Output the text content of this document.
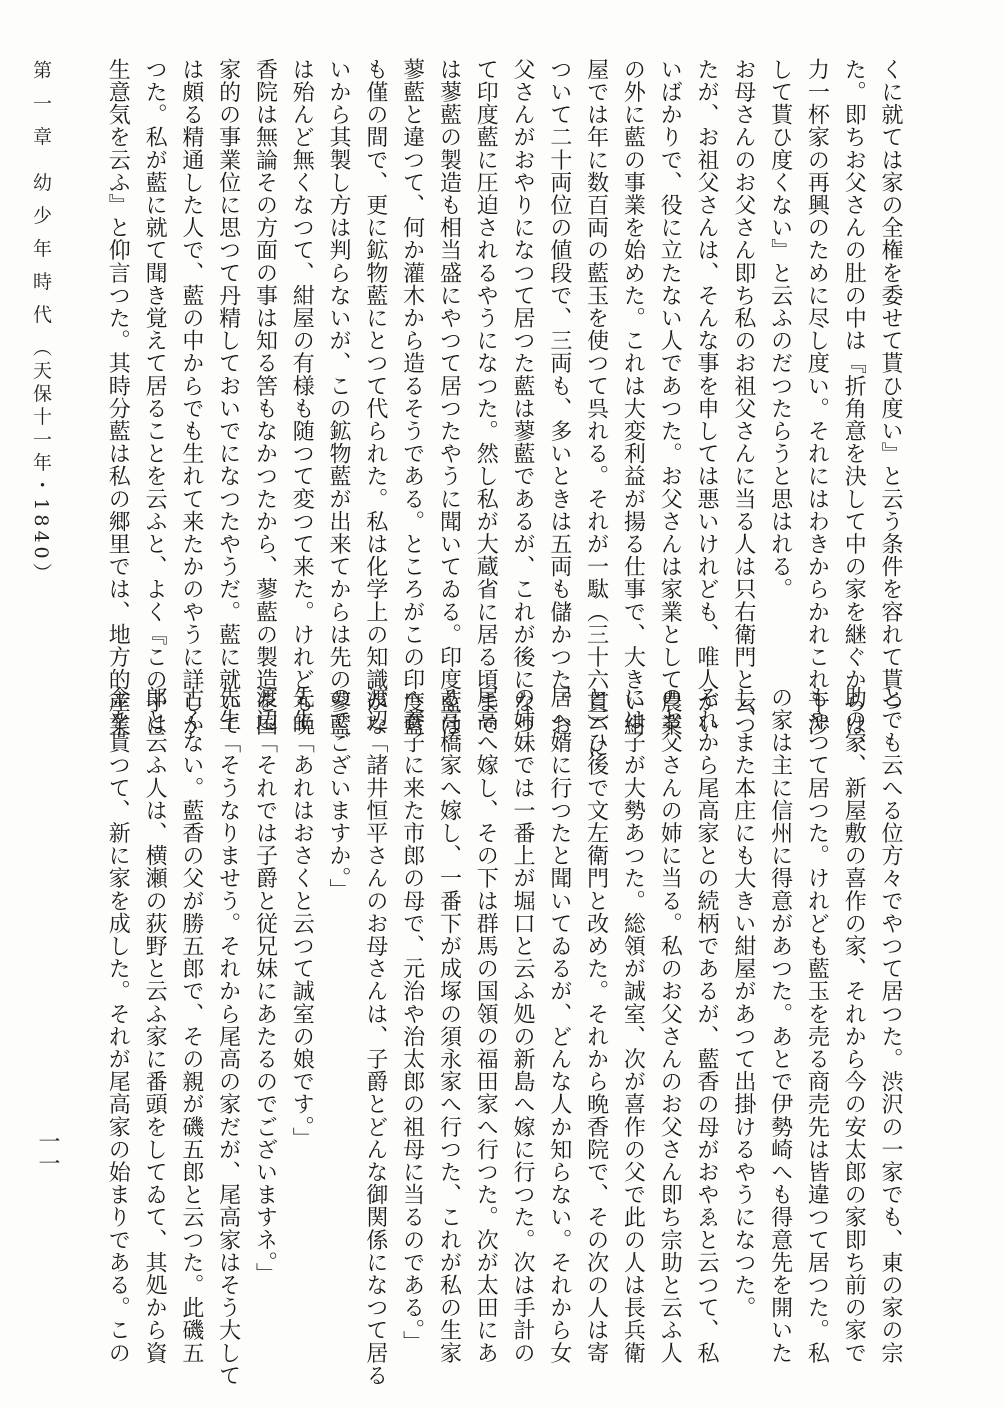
くに就ては家の全権を委せて貰ひ度い』と云う条件を容れて貰つ
た。即ちお父さんの肚の中は『折角意を決して中の家を継ぐからは、
力一杯家の再興のために尽し度い。それにはわきからかれこれ干渉
して貰ひ度くない』と云ふのだつたらうと思はれる。
お母さんのお父さん即ち私のお祖父さんに当る人は只右衛門と云つ
たが、お祖父さんは、そんな事を申しては悪いけれども、唯人がい
いばかりで、役に立たない人であつた。お父さんは家業として農業
の外に藍の事業を始めた。これは大変利益が揚る仕事で、大きい紺
屋では年に数百両の藍玉を使つて呉れる。それが一駄（三十六貫）に
ついて二十両位の値段で、三両も、多いときは五両も儲かつた。お
父さんがおやりになつて居つた藍は蓼藍であるが、これが後になつ
て印度藍に圧迫されるやうになつた。然し私が大蔵省に居る頃まで
は蓼藍の製造も相当盛にやつて居つたやうに聞いてゐる。印度藍は
蓼藍と違つて、何か灌木から造るそうである。ところがこの印度藍
も僅の間で、更に鉱物藍にとつて代られた。私は化学上の知識がな
いから其製し方は判らないが、この鉱物藍が出来てからは先の蓼藍
は殆んど無くなつて、紺屋の有様も随つて変つて来た。けれども晩
香院は無論その方面の事は知る筈もなかつたから、蓼藍の製造を国
家的の事業位に思つて丹精しておいでになつたやうだ。藍に就いて
は頗る精通した人で、藍の中からでも生れて来たかのやうに詳しか
つた。私が藍に就て聞き覚えて居ることを云ふと、よく『この子は
生意気を云ふ』と仰言つた。其時分藍は私の郷里では、地方的産業
とでも云へる位方々でやつて居つた。渋沢の一家でも、東の家の宗
助の家、新屋敷の喜作の家、それから今の安太郎の家即ち前の家で
もやつて居つた。けれども藍玉を売る商売先は皆違つて居つた。私
の家は主に信州に得意があつた。あとで伊勢崎へも得意先を開いた
し、また本庄にも大きい紺屋があつて出掛けるやうになつた。
それから尾高家との続柄であるが、藍香の母がおやゑと云つて、私
のお父さんの姉に当る。私のお父さんのお父さん即ち宗助と云ふ人
には子が大勢あつた。総領が誠室、次が喜作の父で此の人は長兵衛
と云ひ後で文左衛門と改めた。それから晩香院で、その次の人は寄
居へ婿に行つたと聞いてゐるが、どんな人か知らない。それから女
の姉妹では一番上が堀口と云ふ処の新島へ嫁に行つた。次は手計の
尾高へ嫁し、その下は群馬の国領の福田家へ行つた。次が太田にあ
る高橋家へ嫁し、一番下が成塚の須永家へ行つた、これが私の生家
へ養子に来た市郎の母で、元治や治太郎の祖母に当るのである。」
渡辺「諸井恒平さんのお母さんは、子爵とどんな御関係になつて居る
のでございますか。」
先生「あれはおさくと云つて誠室の娘です。」
渡辺「それでは子爵と従兄妹にあたるのでございますネ。」
先生「そうなりませう。それから尾高の家だが、尾高家はそう大して
古くない。藍香の父が勝五郎で、その親が磯五郎と云つた。此磯五
郎と云ふ人は、横瀬の荻野と云ふ家に番頭をしてゐて、其処から資
金を貰つて、新に家を成した。それが尾高家の始まりである。この
第 一 章　幼 少 年 時 代 （天保十一年・1840）
一一
